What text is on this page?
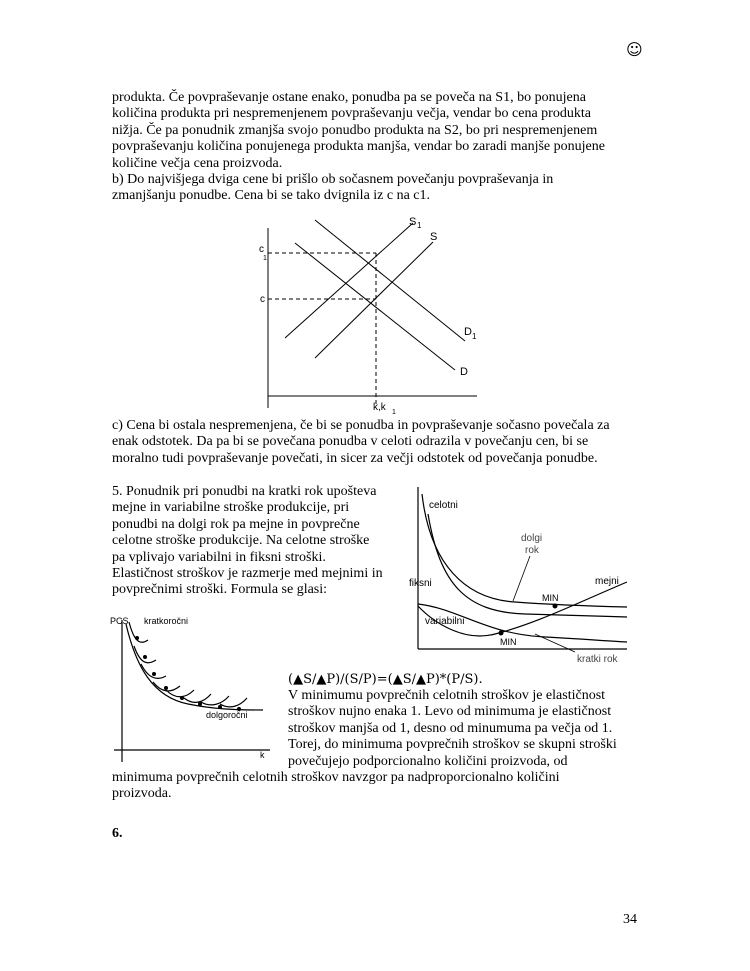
☺
produkta. Če povpraševanje ostane enako, ponudba pa se poveča na S1, bo ponujena
količina produkta pri nespremenjenem povpraševanju večja, vendar bo cena produkta
nižja. Če pa ponudnik zmanjša svojo ponudbo produkta na S2, bo pri nespremenjenem
povpraševanju količina ponujenega produkta manjša, vendar bo zaradi manjše ponujene
količine večja cena proizvoda.
b) Do najvišjega dviga cene bi prišlo ob sočasnem povečanju povpraševanja in
zmanjšanju ponudbe. Cena bi se tako dvignila iz c na c1.
S 1
S
c
1
c
D 1
D
k,k 1
c) Cena bi ostala nespremenjena, če bi se ponudba in povpraševanje sočasno povečala za
enak odstotek. Da pa bi se povečana ponudba v celoti odrazila v povečanju cen, bi se
moralno tudi povpraševanje povečati, in sicer za večji odstotek od povečanja ponudbe.
5. Ponudnik pri ponudbi na kratki rok upošteva
mejne in variabilne stroške produkcije, pri
ponudbi na dolgi rok pa mejne in povprečne
celotne stroške produkcije. Na celotne stroške
pa vplivajo variabilni in fiksni stroški.
Elastičnost stroškov je razmerje med mejnimi in
povprečnimi stroški. Formula se glasi:
celotni
dolgi
rok
mejni
fiksni
MIN
variabilni
MIN
kratki rok
PCS kratkoročni
dolgoročni
k
(▲S/▲P)/(S/P)=(▲S/▲P)*(P/S).
V minimumu povprečnih celotnih stroškov je elastičnost
stroškov nujno enaka 1. Levo od minimuma je elastičnost
stroškov manjša od 1, desno od minumuma pa večja od 1.
Torej, do minimuma povprečnih stroškov se skupni stroški
povečujejo podporcionalno količini proizvoda, od
minimuma povprečnih celotnih stroškov navzgor pa nadproporcionalno količini
proizvoda.
6.
34
